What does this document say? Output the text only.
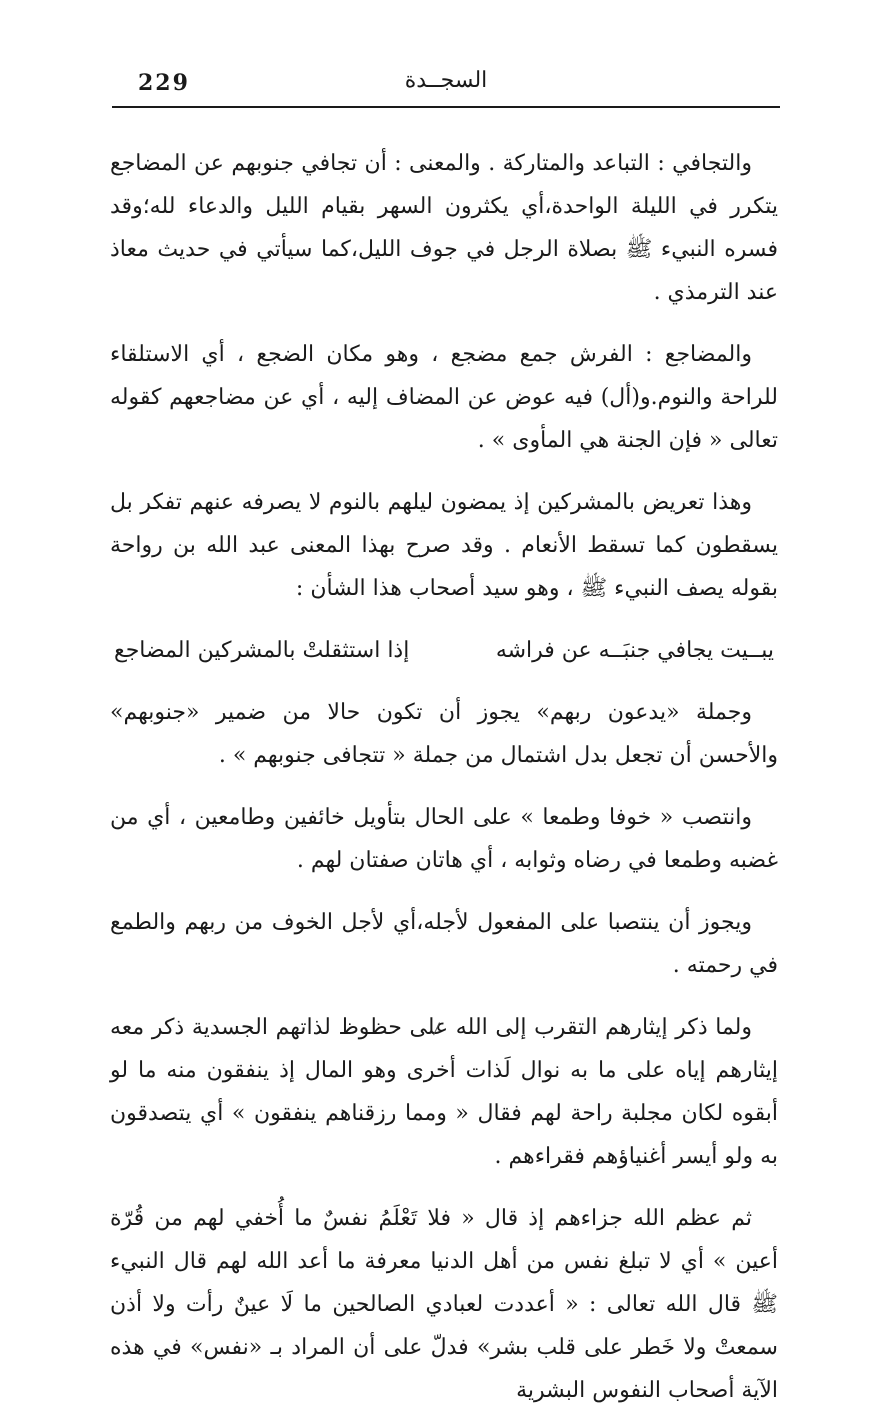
229	السجــدة

والتجافي : التباعد والمتاركة . والمعنى : أن تجافي جنوبهم عن المضاجع يتكرر في الليلة الواحدة،أي يكثرون السهر بقيام الليل والدعاء لله؛وقد فسره النبيء ﷺ بصلاة الرجل في جوف الليل،كما سيأتي في حديث معاذ عند الترمذي .

والمضاجع : الفرش جمع مضجع ، وهو مكان الضجع ، أي الاستلقاء للراحة والنوم.و(أل) فيه عوض عن المضاف إليه ، أي عن مضاجعهم كقوله تعالى « فإن الجنة هي المأوى » .

وهذا تعريض بالمشركين إذ يمضون ليلهم بالنوم لا يصرفه عنهم تفكر بل يسقطون كما تسقط الأنعام . وقد صرح بهذا المعنى عبد الله بن رواحة بقوله يصف النبيء ﷺ ، وهو سيد أصحاب هذا الشأن :

يبــيت يجافي جنبَــه عن فراشه
إذا استثقلتْ بالمشركين المضاجع

وجملة «يدعون ربهم» يجوز أن تكون حالا من ضمير «جنوبهم» والأحسن أن تجعل بدل اشتمال من جملة « تتجافى جنوبهم » .

وانتصب « خوفا وطمعا » على الحال بتأويل خائفين وطامعين ، أي من غضبه وطمعا في رضاه وثوابه ، أي هاتان صفتان لهم .

ويجوز أن ينتصبا على المفعول لأجله،أي لأجل الخوف من ربهم والطمع في رحمته .

ولما ذكر إيثارهم التقرب إلى الله على حظوظ لذاتهم الجسدية ذكر معه إيثارهم إياه على ما به نوال لَذات أخرى وهو المال إذ ينفقون منه ما لو أبقوه لكان مجلبة راحة لهم فقال « ومما رزقناهم ينفقون » أي يتصدقون به ولو أيسر أغنياؤهم فقراءهم .

ثم عظم الله جزاءهم إذ قال « فلا تَعْلَمُ نفسٌ ما أُخفي لهم من قُرّة أعين » أي لا تبلغ نفس من أهل الدنيا معرفة ما أعد الله لهم قال النبيء ﷺ قال الله تعالى : « أعددت لعبادي الصالحين ما لَا عينٌ رأت ولا أذن سمعتْ ولا خَطر على قلب بشر» فدلّ على أن المراد بـ «نفس» في هذه الآية أصحاب النفوس البشرية
